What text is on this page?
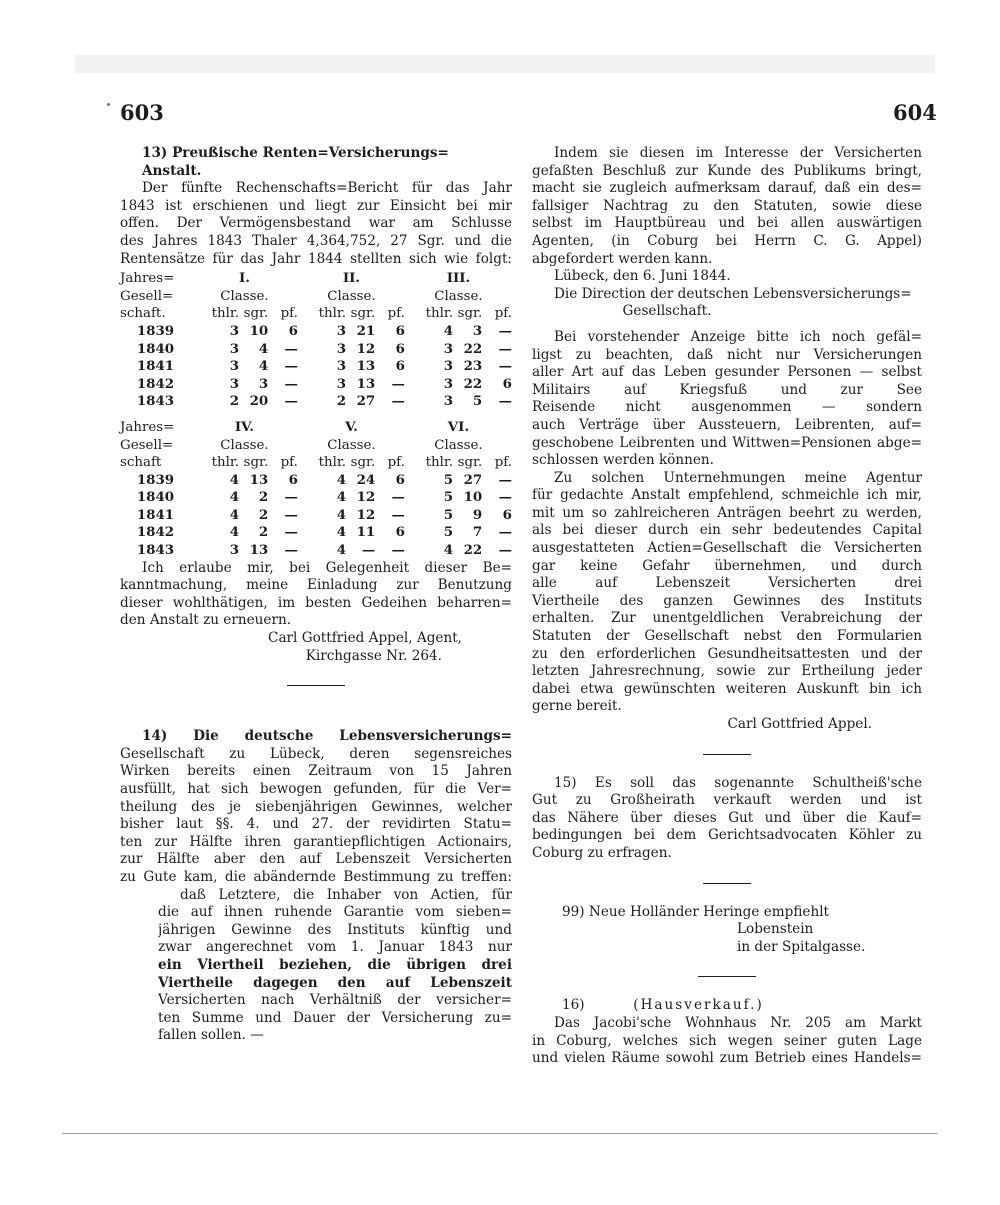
603	604
13) Preußische Renten=Versicherungs=
Anstalt.
Der fünfte Rechenschafts=Bericht für das Jahr
1843 ist erschienen und liegt zur Einsicht bei mir
offen. Der Vermögensbestand war am Schlusse
des Jahres 1843 Thaler 4,364,752, 27 Sgr. und die
Rentensätze für das Jahr 1844 stellten sich wie folgt:
Jahres=	I.			II.			III.		
Gesell=	Classe.			Classe.			Classe.		
schaft.	thlr.	sgr.	pf.	thlr.	sgr.	pf.	thlr.	sgr.	pf.
1839	3	10	6	3	21	6	4	3	—
1840	3	4	—	3	12	6	3	22	—
1841	3	4	—	3	13	6	3	23	—
1842	3	3	—	3	13	—	3	22	6
1843	2	20	—	2	27	—	3	5	—
Jahres=	IV.			V.			VI.		
Gesell=	Classe.			Classe.			Classe.		
schaft	thlr.	sgr.	pf.	thlr.	sgr.	pf.	thlr.	sgr.	pf.
1839	4	13	6	4	24	6	5	27	—
1840	4	2	—	4	12	—	5	10	—
1841	4	2	—	4	12	—	5	9	6
1842	4	2	—	4	11	6	5	7	—
1843	3	13	—	4	—	—	4	22	—
Ich erlaube mir, bei Gelegenheit dieser Be=
kanntmachung, meine Einladung zur Benutzung
dieser wohlthätigen, im besten Gedeihen beharren=
den Anstalt zu erneuern.
Carl Gottfried Appel, Agent,
Kirchgasse Nr. 264.
14) Die deutsche Lebensversicherungs=
Gesellschaft zu Lübeck, deren segensreiches
Wirken bereits einen Zeitraum von 15 Jahren
ausfüllt, hat sich bewogen gefunden, für die Ver=
theilung des je siebenjährigen Gewinnes, welcher
bisher laut §§. 4. und 27. der revidirten Statu=
ten zur Hälfte ihren garantiepflichtigen Actionairs,
zur Hälfte aber den auf Lebenszeit Versicherten
zu Gute kam, die abändernde Bestimmung zu treffen:
daß Letztere, die Inhaber von Actien, für
die auf ihnen ruhende Garantie vom sieben=
jährigen Gewinne des Instituts künftig und
zwar angerechnet vom 1. Januar 1843 nur
ein Viertheil beziehen, die übrigen drei
Viertheile dagegen den auf Lebenszeit
Versicherten nach Verhältniß der versicher=
ten Summe und Dauer der Versicherung zu=
fallen sollen. —
Indem sie diesen im Interesse der Versicherten
gefaßten Beschluß zur Kunde des Publikums bringt,
macht sie zugleich aufmerksam darauf, daß ein des=
fallsiger Nachtrag zu den Statuten, sowie diese
selbst im Hauptbüreau und bei allen auswärtigen
Agenten, (in Coburg bei Herrn C. G. Appel)
abgefordert werden kann.
Lübeck, den 6. Juni 1844.
Die Direction der deutschen Lebensversicherungs=
Gesellschaft.
Bei vorstehender Anzeige bitte ich noch gefäl=
ligst zu beachten, daß nicht nur Versicherungen
aller Art auf das Leben gesunder Personen — selbst
Militairs auf Kriegsfuß und zur See
Reisende nicht ausgenommen — sondern
auch Verträge über Aussteuern, Leibrenten, auf=
geschobene Leibrenten und Wittwen=Pensionen abge=
schlossen werden können.
Zu solchen Unternehmungen meine Agentur
für gedachte Anstalt empfehlend, schmeichle ich mir,
mit um so zahlreicheren Anträgen beehrt zu werden,
als bei dieser durch ein sehr bedeutendes Capital
ausgestatteten Actien=Gesellschaft die Versicherten
gar keine Gefahr übernehmen, und durch
alle auf Lebenszeit Versicherten drei
Viertheile des ganzen Gewinnes des Instituts
erhalten. Zur unentgeldlichen Verabreichung der
Statuten der Gesellschaft nebst den Formularien
zu den erforderlichen Gesundheitsattesten und der
letzten Jahresrechnung, sowie zur Ertheilung jeder
dabei etwa gewünschten weiteren Auskunft bin ich
gerne bereit.
Carl Gottfried Appel.
15) Es soll das sogenannte Schultheiß'sche
Gut zu Großheirath verkauft werden und ist
das Nähere über dieses Gut und über die Kauf=
bedingungen bei dem Gerichtsadvocaten Köhler zu
Coburg zu erfragen.
99) Neue Holländer Heringe empfiehlt
Lobenstein
in der Spitalgasse.
16)	(Hausverkauf.)
Das Jacobi'sche Wohnhaus Nr. 205 am Markt
in Coburg, welches sich wegen seiner guten Lage
und vielen Räume sowohl zum Betrieb eines Handels=
